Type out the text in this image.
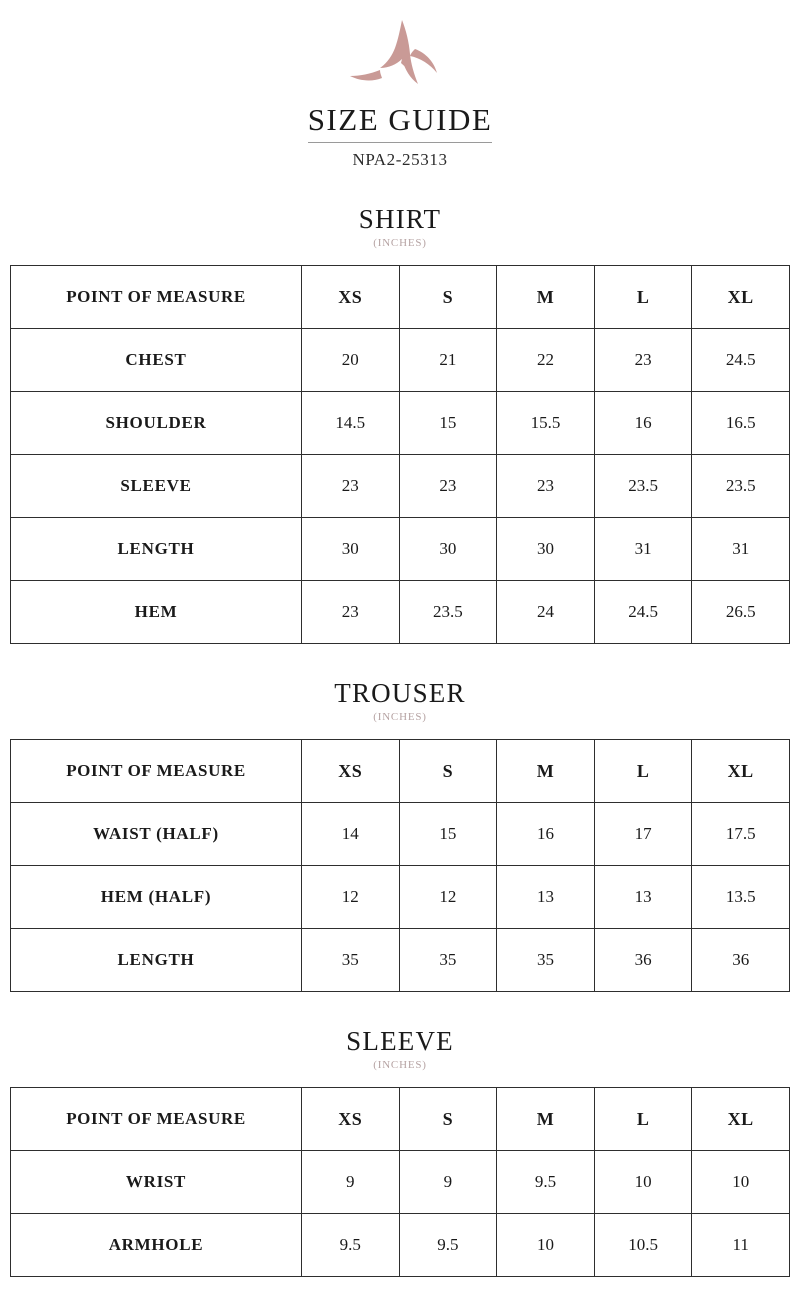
SIZE GUIDE
NPA2-25313
SHIRT
(INCHES)
POINT OF MEASURE	XS	S	M	L	XL
CHEST	20	21	22	23	24.5
SHOULDER	14.5	15	15.5	16	16.5
SLEEVE	23	23	23	23.5	23.5
LENGTH	30	30	30	31	31
HEM	23	23.5	24	24.5	26.5
TROUSER
(INCHES)
POINT OF MEASURE	XS	S	M	L	XL
WAIST (HALF)	14	15	16	17	17.5
HEM (HALF)	12	12	13	13	13.5
LENGTH	35	35	35	36	36
SLEEVE
(INCHES)
POINT OF MEASURE	XS	S	M	L	XL
WRIST	9	9	9.5	10	10
ARMHOLE	9.5	9.5	10	10.5	11
